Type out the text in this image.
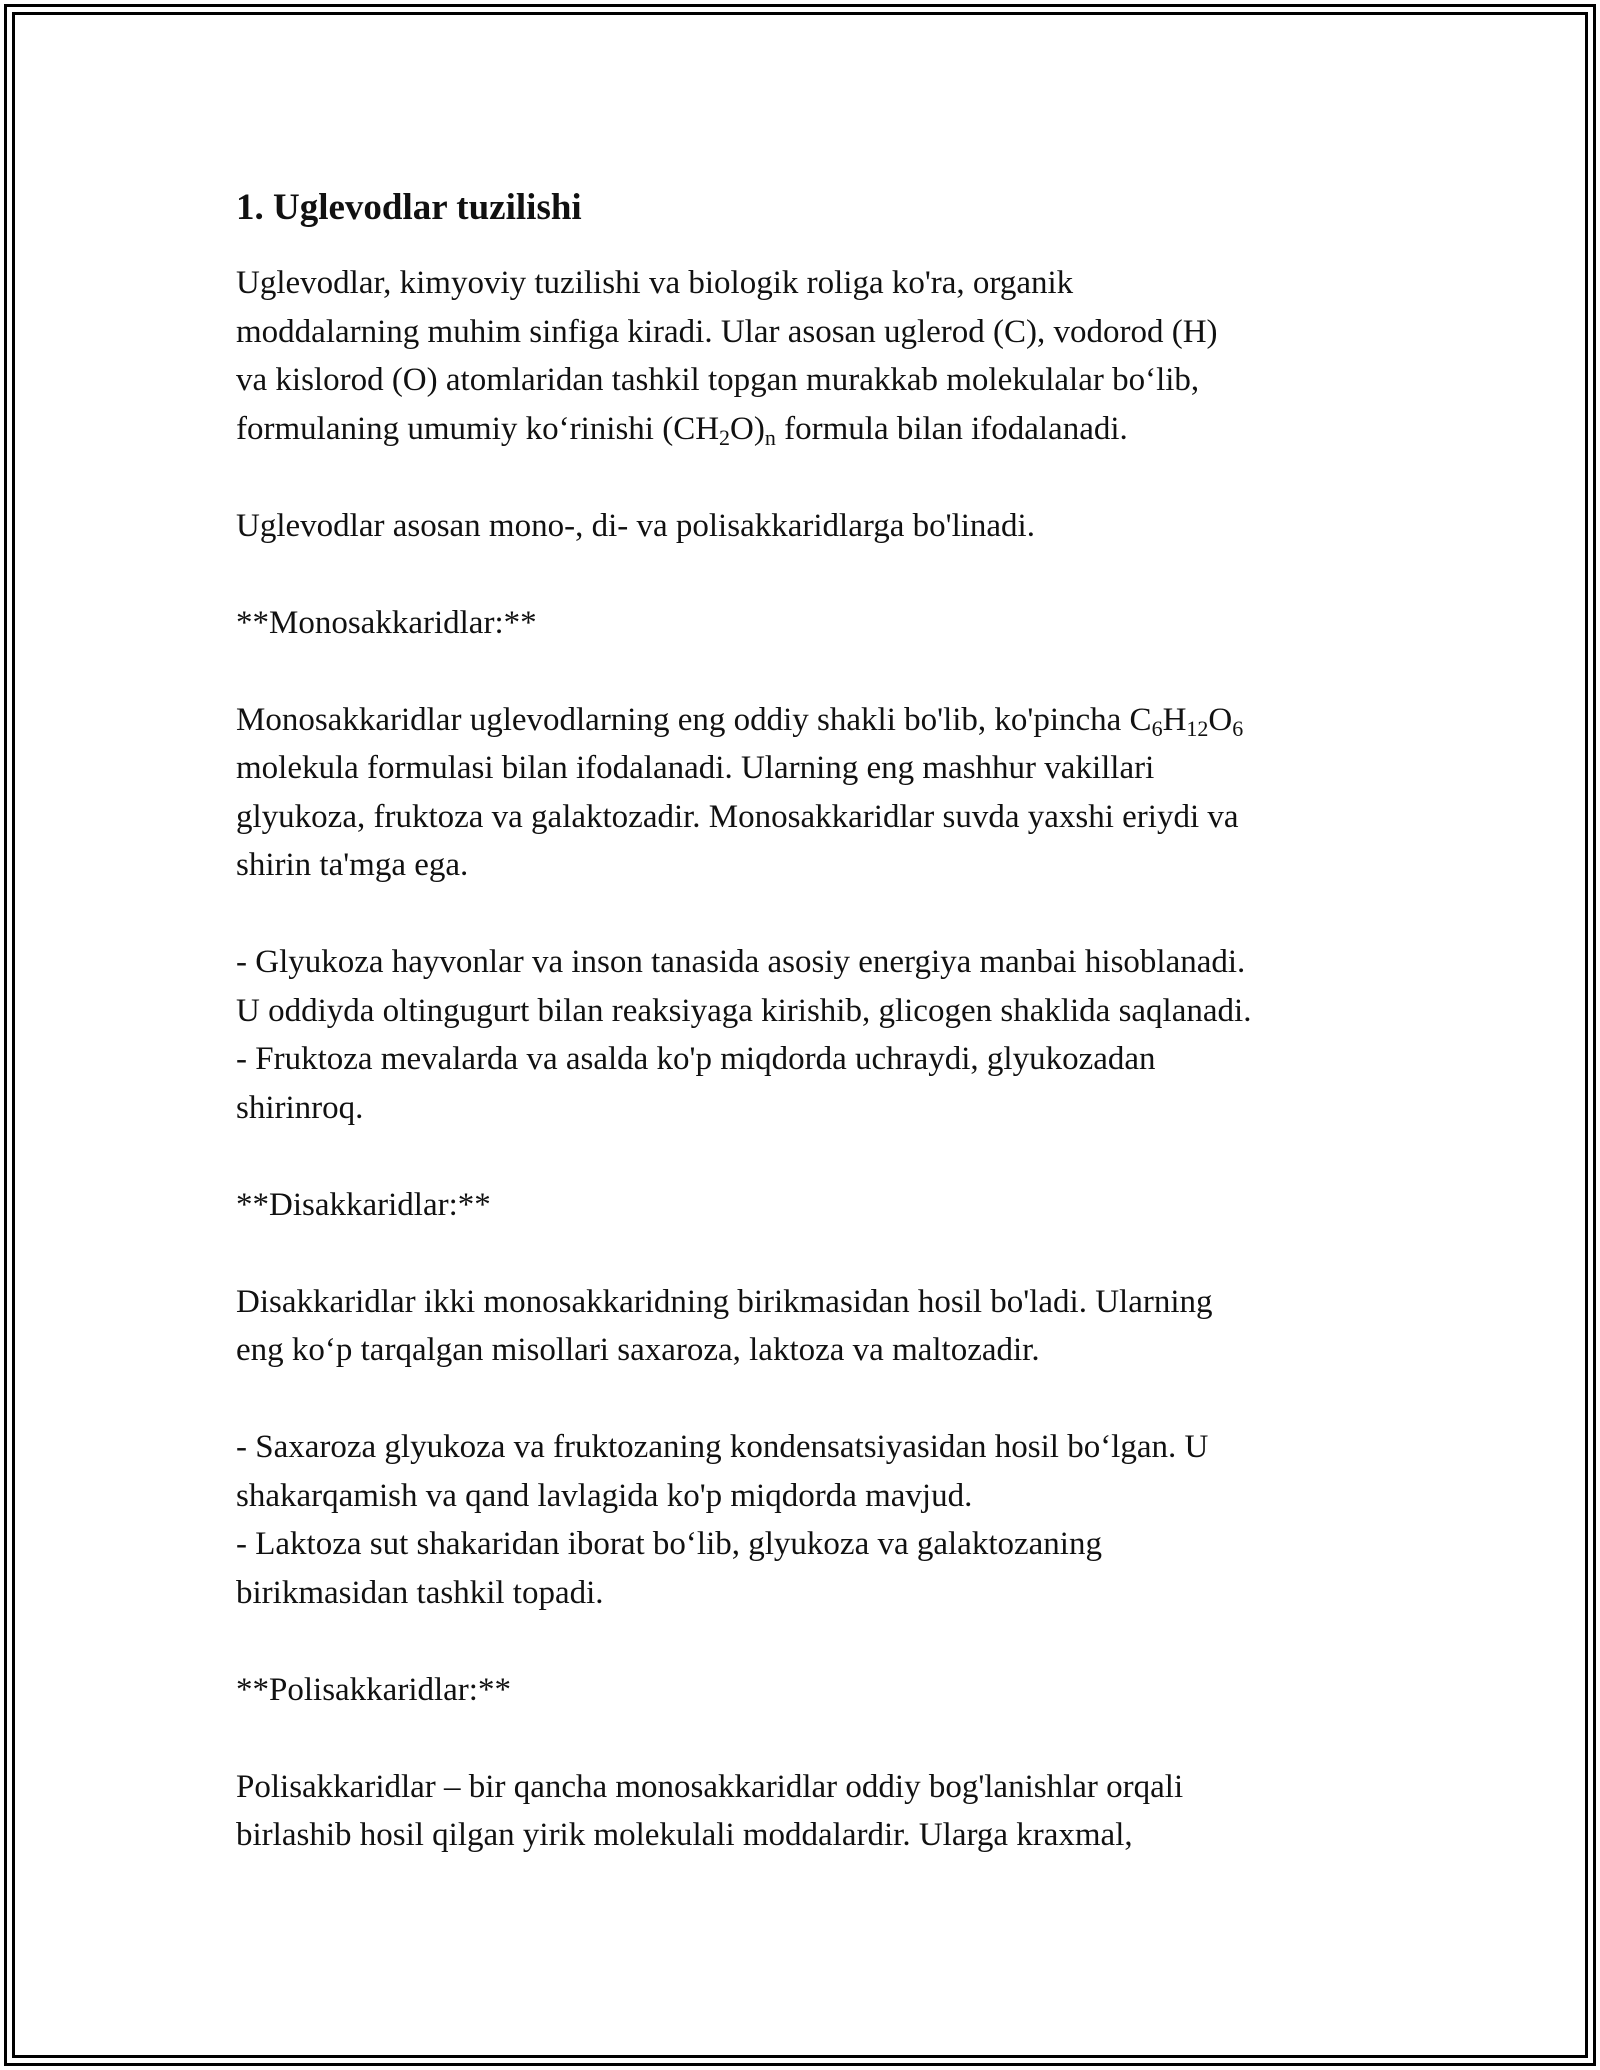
1. Uglevodlar tuzilishi
Uglevodlar, kimyoviy tuzilishi va biologik roliga ko'ra, organik
moddalarning muhim sinfiga kiradi. Ular asosan uglerod (C), vodorod (H)
va kislorod (O) atomlaridan tashkil topgan murakkab molekulalar bo‘lib,
formulaning umumiy ko‘rinishi $(CH_2O)_n$ formula bilan ifodalanadi.
Uglevodlar asosan mono-, di- va polisakkaridlarga bo'linadi.
**Monosakkaridlar:**
Monosakkaridlar uglevodlarning eng oddiy shakli bo'lib, ko'pincha $C_6H_{12}O_6$
molekula formulasi bilan ifodalanadi. Ularning eng mashhur vakillari
glyukoza, fruktoza va galaktozadir. Monosakkaridlar suvda yaxshi eriydi va
shirin ta'mga ega.
- Glyukoza hayvonlar va inson tanasida asosiy energiya manbai hisoblanadi.
U oddiyda oltingugurt bilan reaksiyaga kirishib, glicogen shaklida saqlanadi.
- Fruktoza mevalarda va asalda ko'p miqdorda uchraydi, glyukozadan
shirinroq.
**Disakkaridlar:**
Disakkaridlar ikki monosakkaridning birikmasidan hosil bo'ladi. Ularning
eng ko‘p tarqalgan misollari saxaroza, laktoza va maltozadir.
- Saxaroza glyukoza va fruktozaning kondensatsiyasidan hosil bo‘lgan. U
shakarqamish va qand lavlagida ko'p miqdorda mavjud.
- Laktoza sut shakaridan iborat bo‘lib, glyukoza va galaktozaning
birikmasidan tashkil topadi.
**Polisakkaridlar:**
Polisakkaridlar – bir qancha monosakkaridlar oddiy bog'lanishlar orqali
birlashib hosil qilgan yirik molekulali moddalardir. Ularga kraxmal,
